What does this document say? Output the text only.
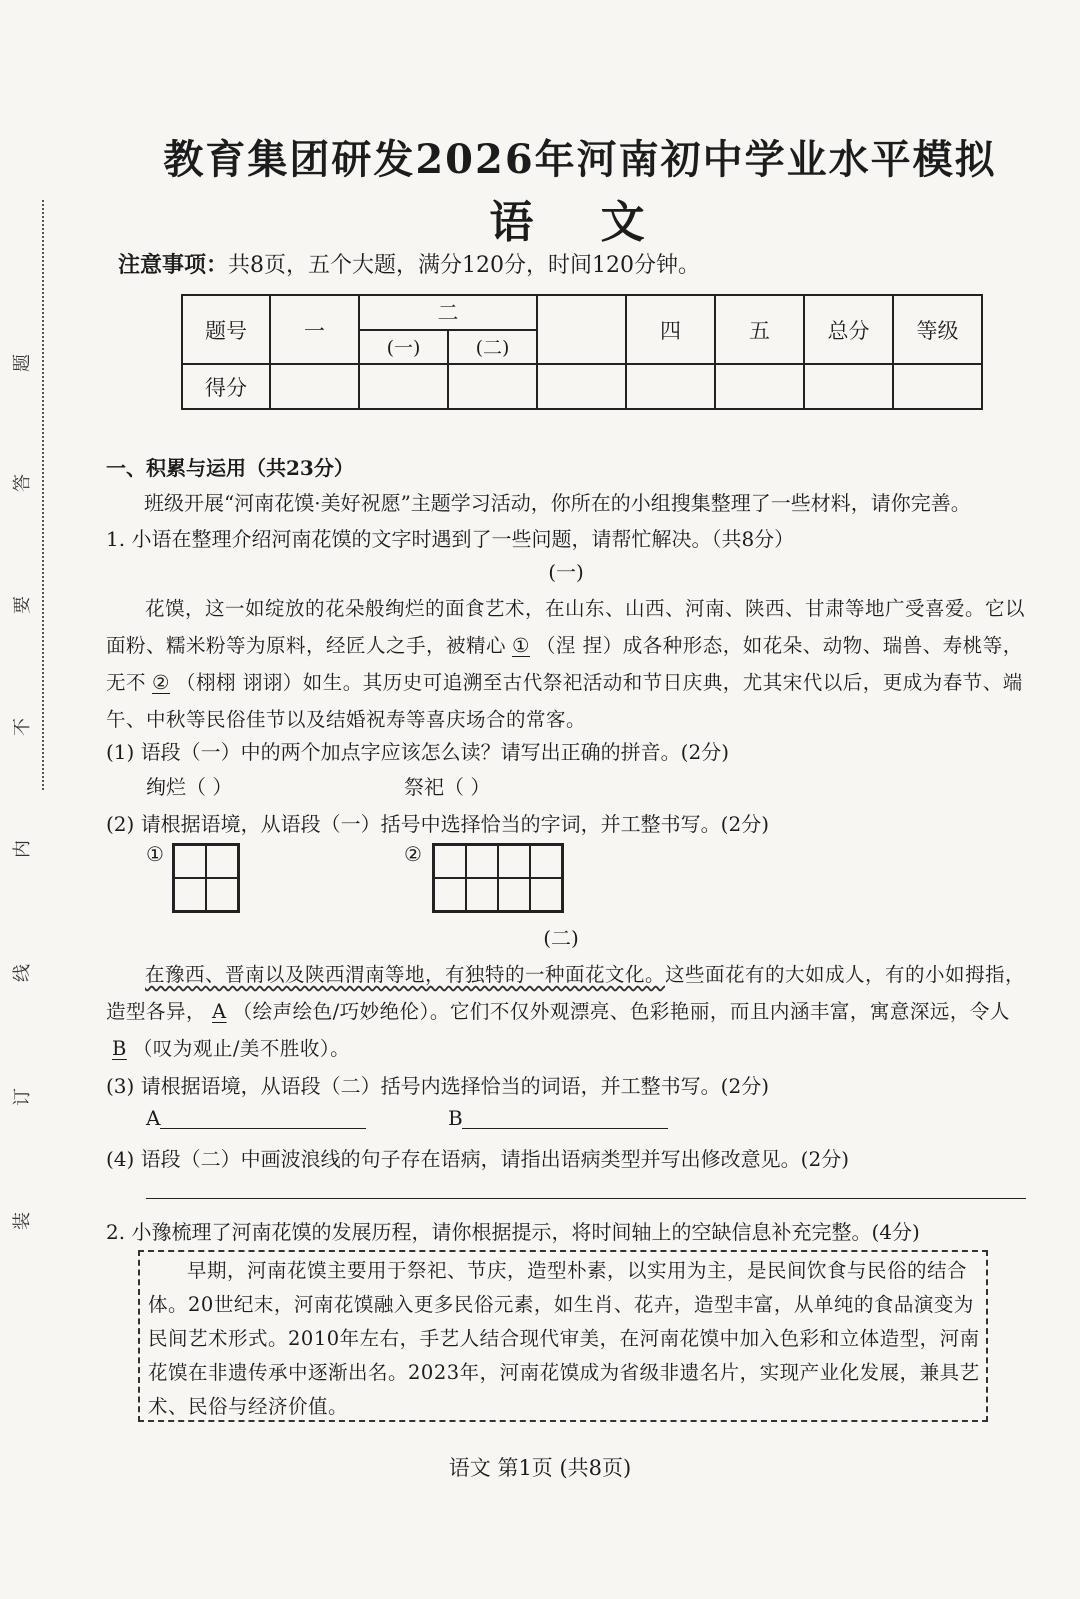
题
答
要
不
内
线
订
装
教育集团研发2026年河南初中学业水平模拟
语 文
注意事项：共8页，五个大题，满分120分，时间120分钟。
题号	一	二			四	五	总分	等级
		(一)	(二)					
得分								
一、积累与运用（共23分）
班级开展“河南花馍·美好祝愿”主题学习活动，你所在的小组搜集整理了一些材料，请你完善。
1. 小语在整理介绍河南花馍的文字时遇到了一些问题，请帮忙解决。（共8分）
(一)
花馍，这一如绽放的花朵般绚烂的面食艺术，在山东、山西、河南、陕西、甘肃等地广受喜爱。它以面粉、糯米粉等为原料，经匠人之手，被精心 ① （涅 捏）成各种形态，如花朵、动物、瑞兽、寿桃等，无不 ② （栩栩 诩诩）如生。其历史可追溯至古代祭祀活动和节日庆典，尤其宋代以后，更成为春节、端午、中秋等民俗佳节以及结婚祝寿等喜庆场合的常客。
(1) 语段（一）中的两个加点字应该怎么读？请写出正确的拼音。(2分)
绚烂（ ）	祭祀（ ）
(2) 请根据语境，从语段（一）括号中选择恰当的字词，并工整书写。(2分)
①	②
(二)
在豫西、晋南以及陕西渭南等地，有独特的一种面花文化。这些面花有的大如成人，有的小如拇指，造型各异， A （绘声绘色/巧妙绝伦）。它们不仅外观漂亮、色彩艳丽，而且内涵丰富，寓意深远，令人B （叹为观止/美不胜收）。
(3) 请根据语境，从语段（二）括号内选择恰当的词语，并工整书写。(2分)
A	B
(4) 语段（二）中画波浪线的句子存在语病，请指出语病类型并写出修改意见。(2分)
2. 小豫梳理了河南花馍的发展历程，请你根据提示，将时间轴上的空缺信息补充完整。(4分)
早期，河南花馍主要用于祭祀、节庆，造型朴素，以实用为主，是民间饮食与民俗的结合体。20世纪末，河南花馍融入更多民俗元素，如生肖、花卉，造型丰富，从单纯的食品演变为民间艺术形式。2010年左右，手艺人结合现代审美，在河南花馍中加入色彩和立体造型，河南花馍在非遗传承中逐渐出名。2023年，河南花馍成为省级非遗名片，实现产业化发展，兼具艺术、民俗与经济价值。
语文 第1页 (共8页)
